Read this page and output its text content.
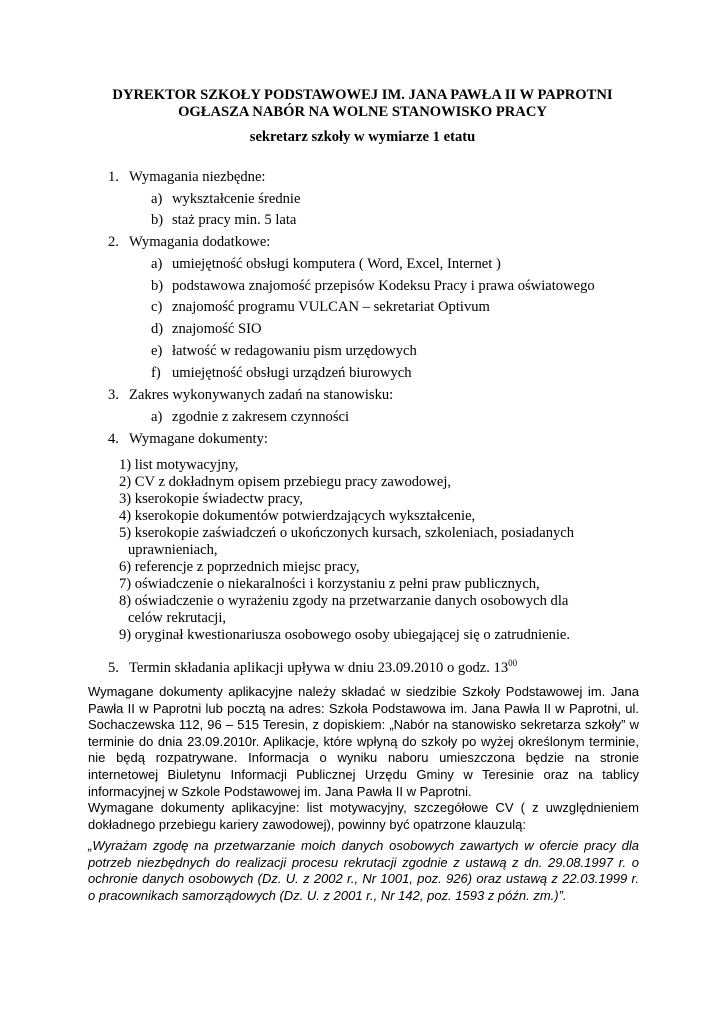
DYREKTOR SZKOŁY PODSTAWOWEJ IM. JANA PAWŁA II W PAPROTNI
OGŁASZA NABÓR NA WOLNE STANOWISKO PRACY
sekretarz szkoły w wymiarze 1 etatu
1. Wymagania niezbędne:
a) wykształcenie średnie
b) staż pracy min. 5 lata
2. Wymagania dodatkowe:
a) umiejętność obsługi komputera ( Word, Excel, Internet )
b) podstawowa znajomość przepisów Kodeksu Pracy i prawa oświatowego
c) znajomość programu VULCAN – sekretariat Optivum
d) znajomość SIO
e) łatwość w redagowaniu pism urzędowych
f) umiejętność obsługi urządzeń biurowych
3. Zakres wykonywanych zadań na stanowisku:
a) zgodnie z zakresem czynności
4. Wymagane dokumenty:
1) list motywacyjny,
2) CV z dokładnym opisem przebiegu pracy zawodowej,
3) kserokopie świadectw pracy,
4) kserokopie dokumentów potwierdzających wykształcenie,
5) kserokopie zaświadczeń o ukończonych kursach, szkoleniach, posiadanych
uprawnieniach,
6) referencje z poprzednich miejsc pracy,
7) oświadczenie o niekaralności i korzystaniu z pełni praw publicznych,
8) oświadczenie o wyrażeniu zgody na przetwarzanie danych osobowych dla
celów rekrutacji,
9) oryginał kwestionariusza osobowego osoby ubiegającej się o zatrudnienie.
5. Termin składania aplikacji upływa w dniu 23.09.2010 o godz. $13^{00}$
Wymagane dokumenty aplikacyjne należy składać w siedzibie Szkoły Podstawowej im. Jana Pawła II w Paprotni lub pocztą na adres: Szkoła Podstawowa im. Jana Pawła II w Paprotni, ul. Sochaczewska 112, 96 – 515 Teresin, z dopiskiem: „Nabór na stanowisko sekretarza szkoły” w terminie do dnia 23.09.2010r. Aplikacje, które wpłyną do szkoły po wyżej określonym terminie, nie będą rozpatrywane. Informacja o wyniku naboru umieszczona będzie na stronie internetowej Biuletynu Informacji Publicznej Urzędu Gminy w Teresinie oraz na tablicy informacyjnej w Szkole Podstawowej im. Jana Pawła II w Paprotni.
Wymagane dokumenty aplikacyjne: list motywacyjny, szczegółowe CV ( z uwzględnieniem dokładnego przebiegu kariery zawodowej), powinny być opatrzone klauzulą:
„Wyrażam zgodę na przetwarzanie moich danych osobowych zawartych w ofercie pracy dla potrzeb niezbędnych do realizacji procesu rekrutacji zgodnie z ustawą z dn. 29.08.1997 r. o ochronie danych osobowych (Dz. U. z 2002 r., Nr 1001, poz. 926) oraz ustawą z 22.03.1999 r. o pracownikach samorządowych (Dz. U. z 2001 r., Nr 142, poz. 1593 z późn. zm.)”.
